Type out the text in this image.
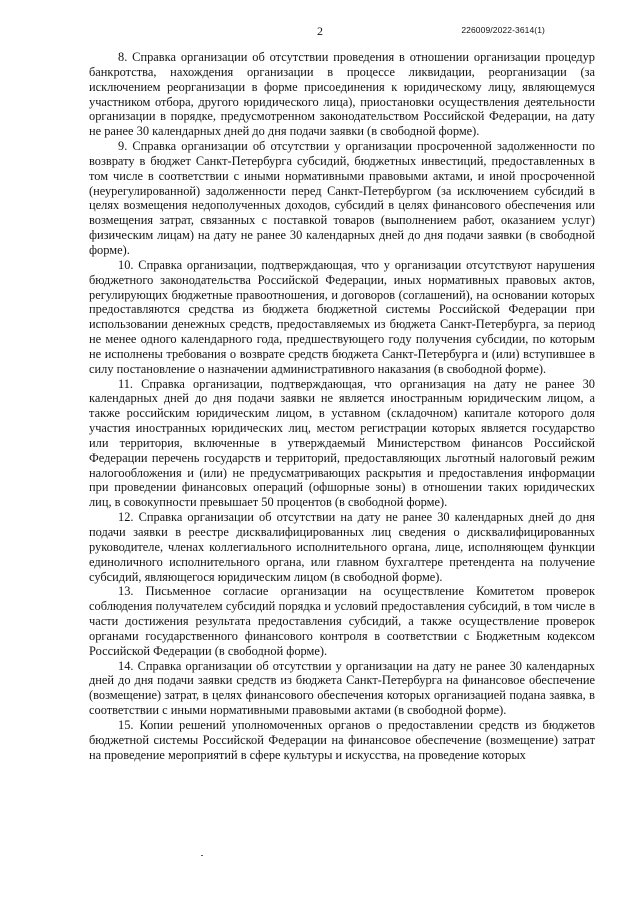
2	226009/2022-3614(1)

8. Справка организации об отсутствии проведения в отношении организации процедур банкротства, нахождения организации в процессе ликвидации, реорганизации (за исключением реорганизации в форме присоединения к юридическому лицу, являющемуся участником отбора, другого юридического лица), приостановки осуществления деятельности организации в порядке, предусмотренном законодательством Российской Федерации, на дату не ранее 30 календарных дней до дня подачи заявки (в свободной форме).

9. Справка организации об отсутствии у организации просроченной задолженности по возврату в бюджет Санкт-Петербурга субсидий, бюджетных инвестиций, предоставленных в том числе в соответствии с иными нормативными правовыми актами, и иной просроченной (неурегулированной) задолженности перед Санкт-Петербургом (за исключением субсидий в целях возмещения недополученных доходов, субсидий в целях финансового обеспечения или возмещения затрат, связанных с поставкой товаров (выполнением работ, оказанием услуг) физическим лицам) на дату не ранее 30 календарных дней до дня подачи заявки (в свободной форме).

10. Справка организации, подтверждающая, что у организации отсутствуют нарушения бюджетного законодательства Российской Федерации, иных нормативных правовых актов, регулирующих бюджетные правоотношения, и договоров (соглашений), на основании которых предоставляются средства из бюджета бюджетной системы Российской Федерации при использовании денежных средств, предоставляемых из бюджета Санкт-Петербурга, за период не менее одного календарного года, предшествующего году получения субсидии, по которым не исполнены требования о возврате средств бюджета Санкт-Петербурга и (или) вступившее в силу постановление о назначении административного наказания (в свободной форме).

11. Справка организации, подтверждающая, что организация на дату не ранее 30 календарных дней до дня подачи заявки не является иностранным юридическим лицом, а также российским юридическим лицом, в уставном (складочном) капитале которого доля участия иностранных юридических лиц, местом регистрации которых является государство или территория, включенные в утверждаемый Министерством финансов Российской Федерации перечень государств и территорий, предоставляющих льготный налоговый режим налогообложения и (или) не предусматривающих раскрытия и предоставления информации при проведении финансовых операций (офшорные зоны) в отношении таких юридических лиц, в совокупности превышает 50 процентов (в свободной форме).

12. Справка организации об отсутствии на дату не ранее 30 календарных дней до дня подачи заявки в реестре дисквалифицированных лиц сведения о дисквалифицированных руководителе, членах коллегиального исполнительного органа, лице, исполняющем функции единоличного исполнительного органа, или главном бухгалтере претендента на получение субсидий, являющегося юридическим лицом (в свободной форме).

13. Письменное согласие организации на осуществление Комитетом проверок соблюдения получателем субсидий порядка и условий предоставления субсидий, в том числе в части достижения результата предоставления субсидий, а также осуществление проверок органами государственного финансового контроля в соответствии с Бюджетным кодексом Российской Федерации (в свободной форме).

14. Справка организации об отсутствии у организации на дату не ранее 30 календарных дней до дня подачи заявки средств из бюджета Санкт-Петербурга на финансовое обеспечение (возмещение) затрат, в целях финансового обеспечения которых организацией подана заявка, в соответствии с иными нормативными правовыми актами (в свободной форме).

15. Копии решений уполномоченных органов о предоставлении средств из бюджетов бюджетной системы Российской Федерации на финансовое обеспечение (возмещение) затрат на проведение мероприятий в сфере культуры и искусства, на проведение которых
